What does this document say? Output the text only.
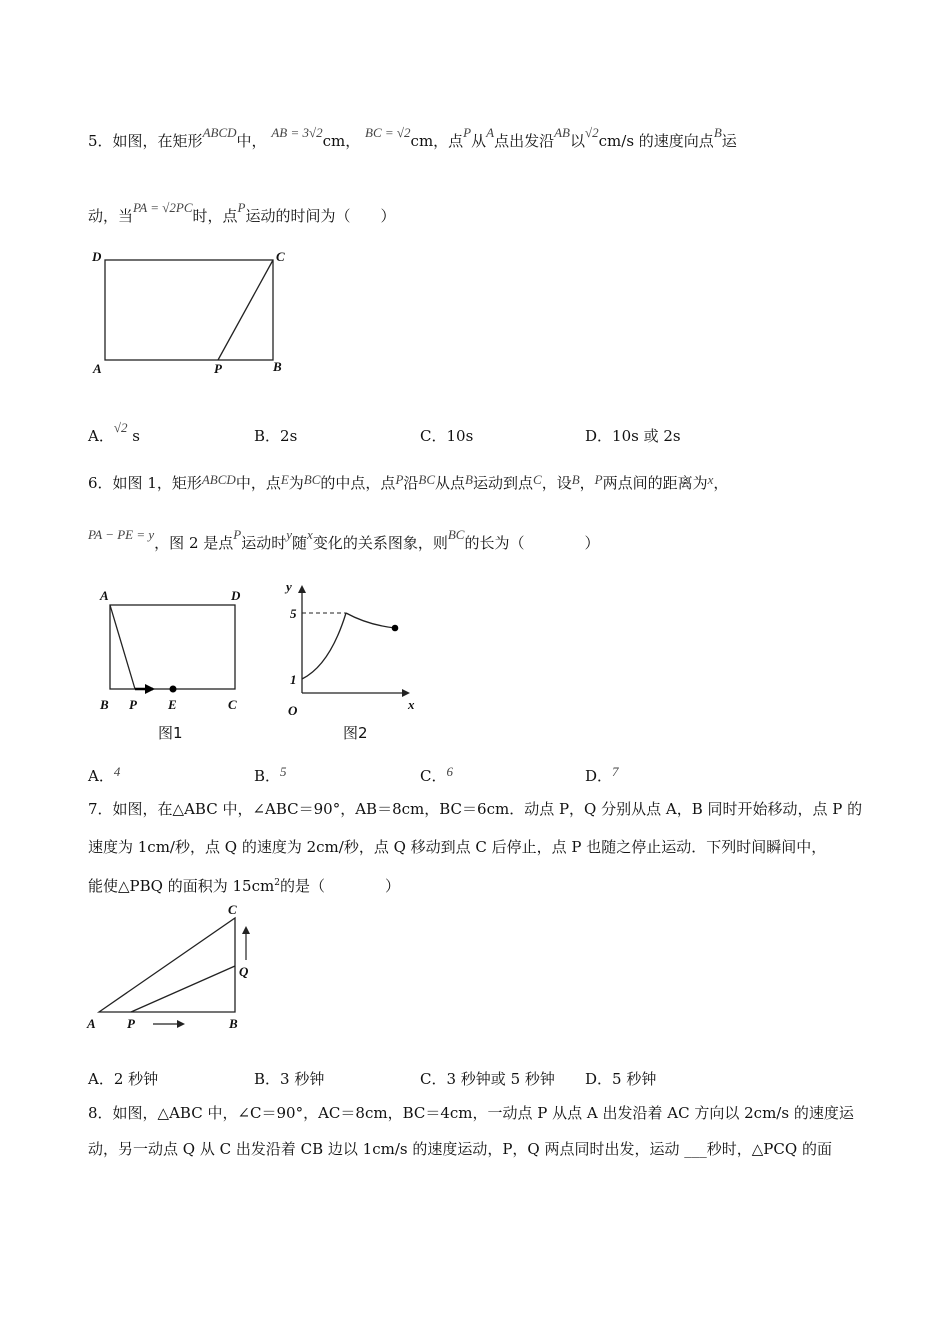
5．如图，在矩形ABCD中， AB = 3√2cm， BC = √2cm，点P从A点出发沿AB以√2cm/s 的速度向点B运
动，当PA = √2PC时，点P运动的时间为（　　）
D	C
A	P	B
A．√2 s	B．2s	C．10s	D．10s 或 2s
6．如图 1，矩形ABCD中，点E为BC的中点，点P沿BC从点B运动到点C，设B，P两点间的距离为x，
PA − PE = y，图 2 是点P运动时y随x变化的关系图象，则BC的长为（　　　　）
A	D
B P E	C
图1
y
x
O
5
1
图2
A．4	B．5	C．6	D．7
7．如图，在△ABC 中，∠ABC＝90°，AB＝8cm，BC＝6cm．动点 P，Q 分别从点 A，B 同时开始移动，点 P 的
速度为 1cm/秒，点 Q 的速度为 2cm/秒，点 Q 移动到点 C 后停止，点 P 也随之停止运动．下列时间瞬间中，
能使△PBQ 的面积为 $15cm^2$的是（　　　　）
C
Q
A P	B
A．2 秒钟	B．3 秒钟	C．3 秒钟或 5 秒钟 D．5 秒钟
8．如图，△ABC 中，∠C＝90°，AC＝8cm，BC＝4cm，一动点 P 从点 A 出发沿着 AC 方向以 2cm/s 的速度运
动，另一动点 Q 从 C 出发沿着 CB 边以 1cm/s 的速度运动，P，Q 两点同时出发，运动 ___秒时，△PCQ 的面
